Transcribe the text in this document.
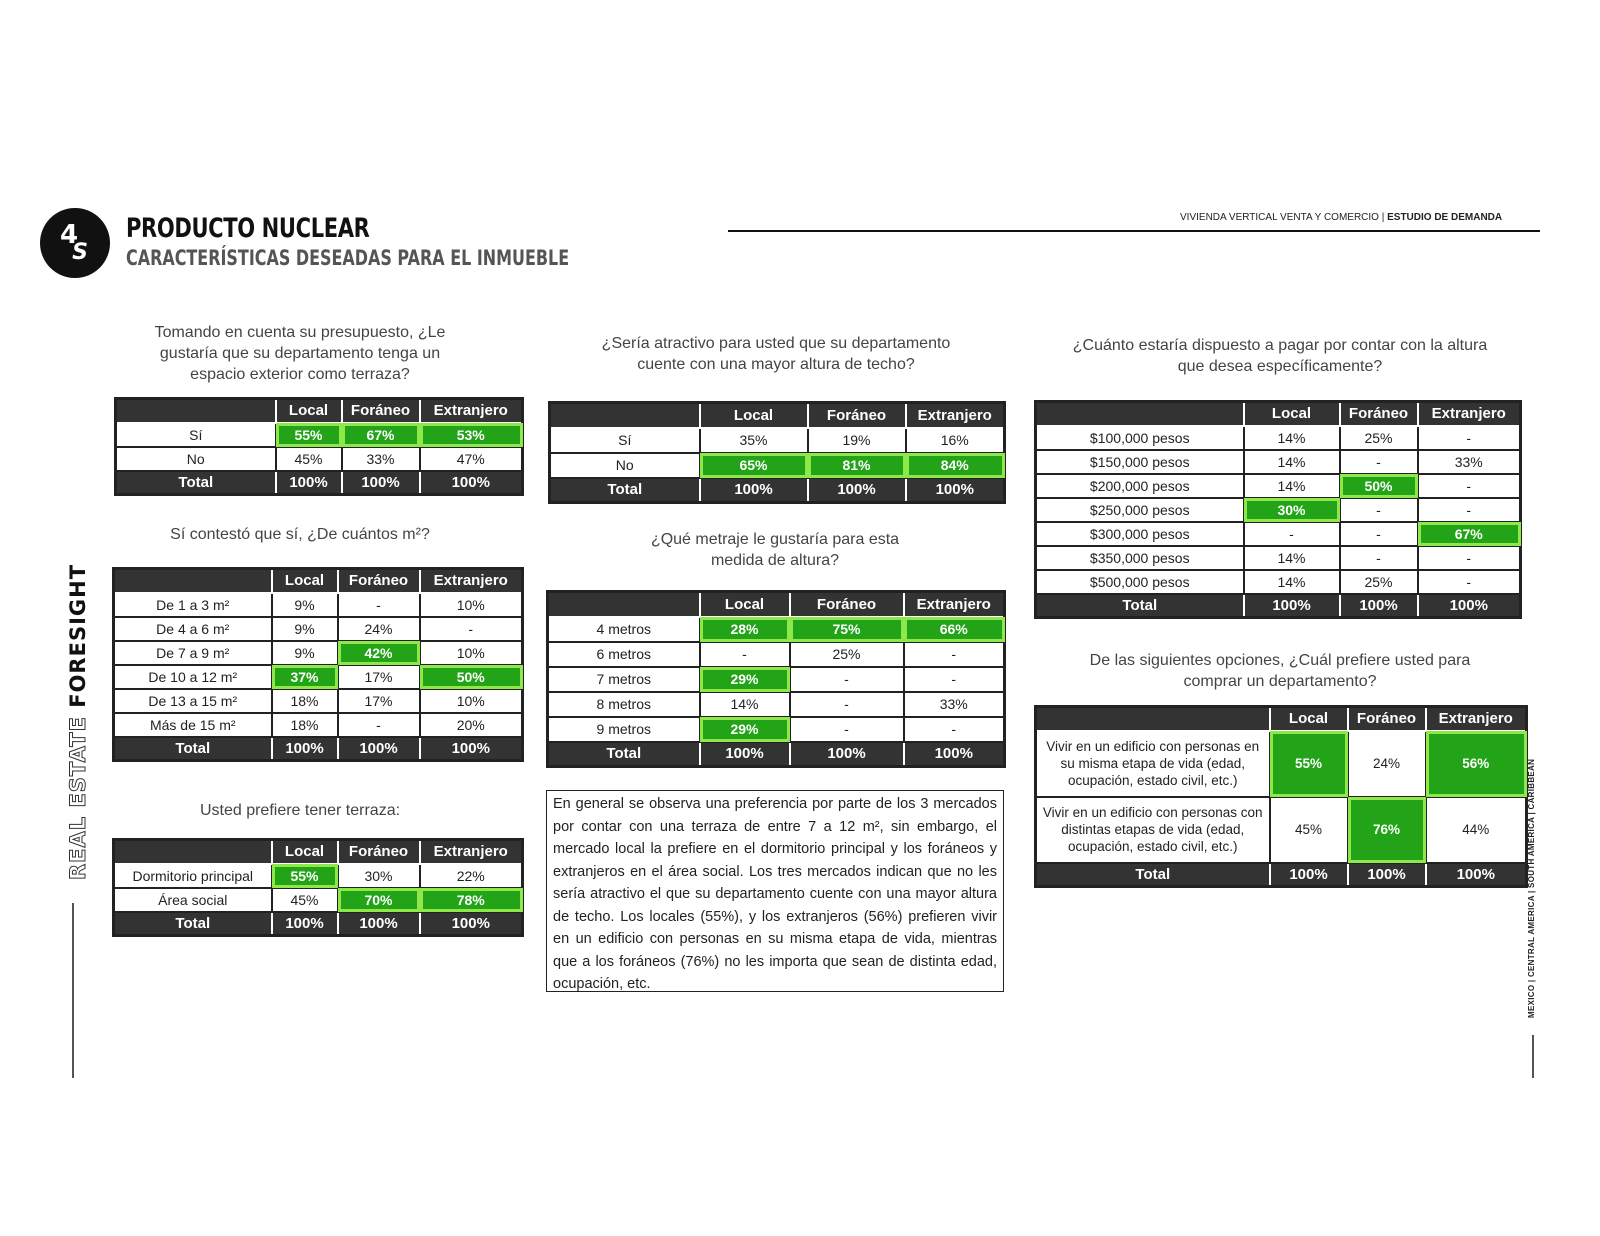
4
S
PRODUCTO NUCLEAR
CARACTERÍSTICAS DESEADAS PARA EL INMUEBLE
VIVIENDA VERTICAL VENTA Y COMERCIO | ESTUDIO DE DEMANDA
REAL ESTATE FORESIGHT
MEXICO | CENTRAL AMERICA | SOUTH AMERICA | CARIBBEAN
Tomando en cuenta su presupuesto, ¿Le gustaría que su departamento tenga un espacio exterior como terraza?
Sí contestó que sí, ¿De cuántos m²?
Usted prefiere tener terraza:
¿Sería atractivo para usted que su departamento cuente con una mayor altura de techo?
¿Qué metraje le gustaría para esta medida de altura?
¿Cuánto estaría dispuesto a pagar por contar con la altura que desea específicamente?
De las siguientes opciones, ¿Cuál prefiere usted para comprar un departamento?
	Local	Foráneo	Extranjero
Sí	55%	67%	53%
No	45%	33%	47%
Total	100%	100%	100%
	Local	Foráneo	Extranjero
De 1 a 3 m²	9%	-	10%
De 4 a 6 m²	9%	24%	-
De 7 a 9 m²	9%	42%	10%
De 10 a 12 m²	37%	17%	50%
De 13 a 15 m²	18%	17%	10%
Más de 15 m²	18%	-	20%
Total	100%	100%	100%
	Local	Foráneo	Extranjero
Dormitorio principal	55%	30%	22%
Área social	45%	70%	78%
Total	100%	100%	100%
	Local	Foráneo	Extranjero
Sí	35%	19%	16%
No	65%	81%	84%
Total	100%	100%	100%
	Local	Foráneo	Extranjero
4 metros	28%	75%	66%
6 metros	-	25%	-
7 metros	29%	-	-
8 metros	14%	-	33%
9 metros	29%	-	-
Total	100%	100%	100%
En general se observa una preferencia por parte de los 3 mercados por contar con una terraza de entre 7 a 12 m², sin embargo, el mercado local la prefiere en el dormitorio principal y los foráneos y extranjeros en el área social. Los tres mercados indican que no les sería atractivo el que su departamento cuente con una mayor altura de techo. Los locales (55%), y los extranjeros (56%) prefieren vivir en un edificio con personas en su misma etapa de vida, mientras que a los foráneos (76%) no les importa que sean de distinta edad, ocupación, etc.
	Local	Foráneo	Extranjero
$100,000 pesos	14%	25%	-
$150,000 pesos	14%	-	33%
$200,000 pesos	14%	50%	-
$250,000 pesos	30%	-	-
$300,000 pesos	-	-	67%
$350,000 pesos	14%	-	-
$500,000 pesos	14%	25%	-
Total	100%	100%	100%
	Local	Foráneo	Extranjero
Vivir en un edificio con personas en su misma etapa de vida (edad, ocupación, estado civil, etc.)	55%	24%	56%
Vivir en un edificio con personas con distintas etapas de vida (edad, ocupación, estado civil, etc.)	45%	76%	44%
Total	100%	100%	100%
